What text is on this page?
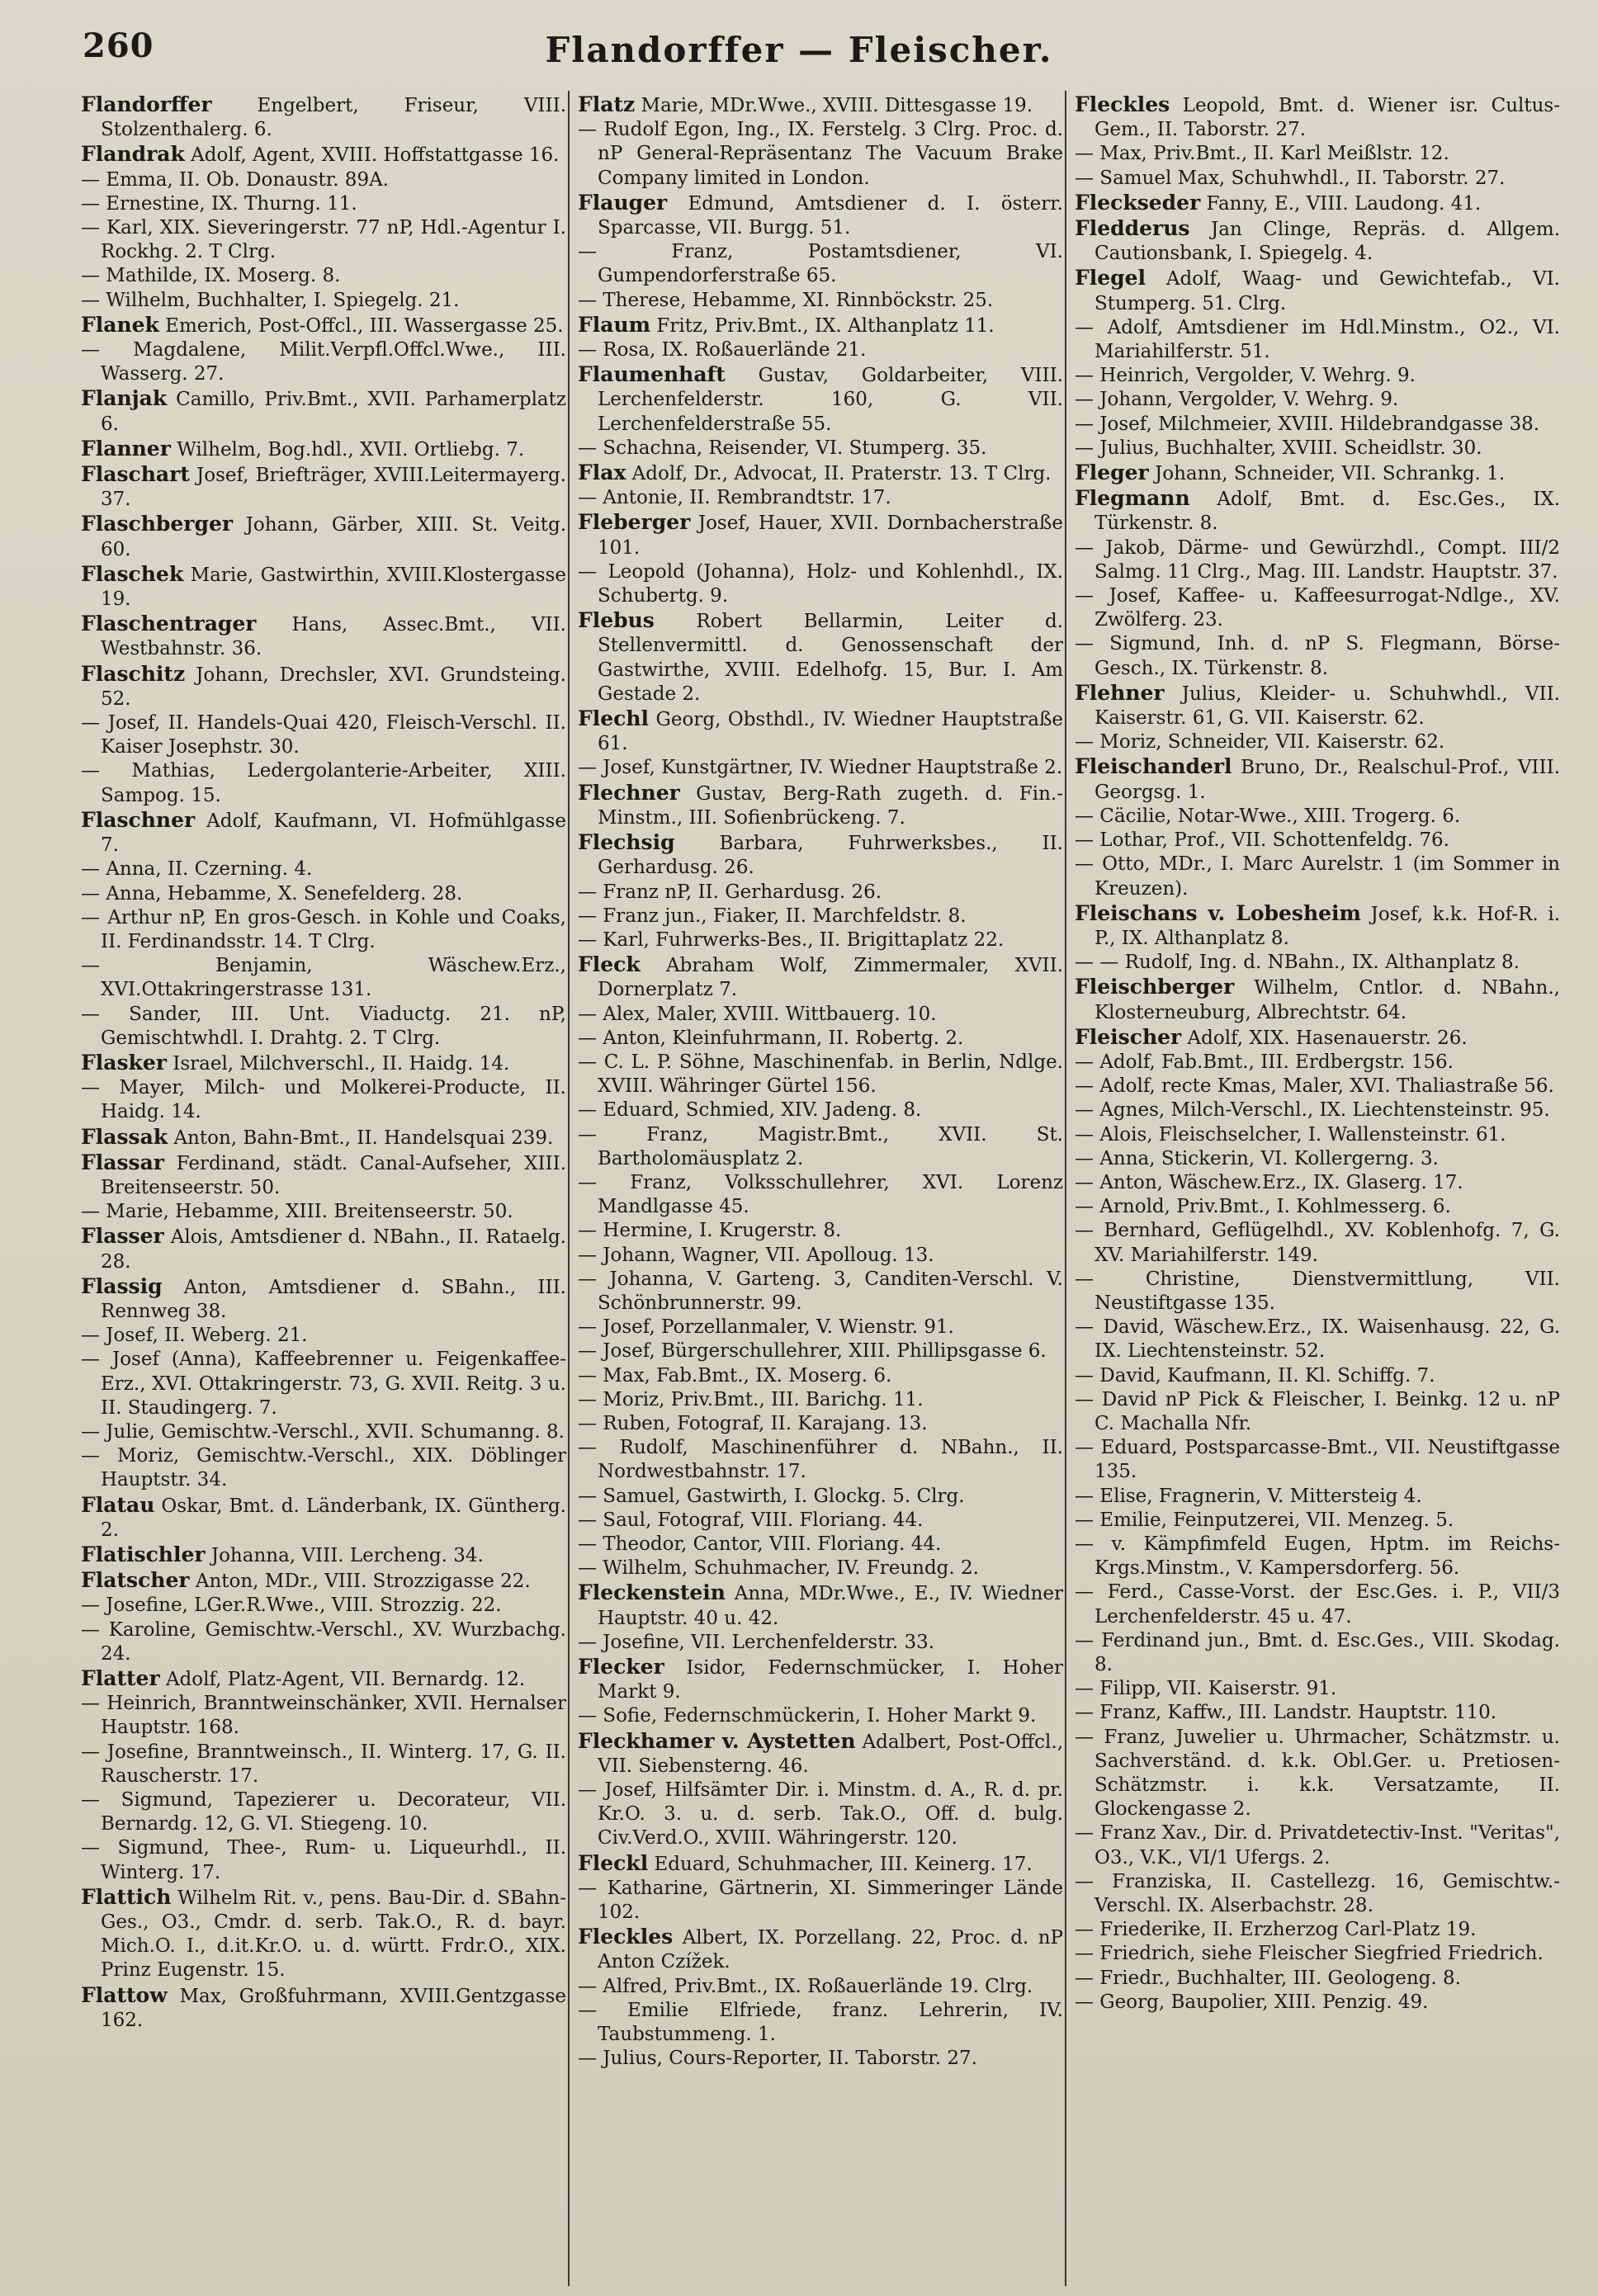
260	Flandorffer — Fleischer.
Flandorffer Engelbert, Friseur, VIII. Stolzenthalerg. 6.
Flandrak Adolf, Agent, XVIII. Hoffstattgasse 16.
— Emma, II. Ob. Donaustr. 89A.
— Ernestine, IX. Thurng. 11.
— Karl, XIX. Sieveringerstr. 77 nP, Hdl.-Agentur I. Rockhg. 2. T Clrg.
— Mathilde, IX. Moserg. 8.
— Wilhelm, Buchhalter, I. Spiegelg. 21.
Flanek Emerich, Post-Offcl., III. Wassergasse 25.
— Magdalene, Milit.Verpfl.Offcl.Wwe., III. Wasserg. 27.
Flanjak Camillo, Priv.Bmt., XVII. Parhamerplatz 6.
Flanner Wilhelm, Bog.hdl., XVII. Ortliebg. 7.
Flaschart Josef, Briefträger, XVIII.Leitermayerg. 37.
Flaschberger Johann, Gärber, XIII. St. Veitg. 60.
Flaschek Marie, Gastwirthin, XVIII.Klostergasse 19.
Flaschentrager Hans, Assec.Bmt., VII. Westbahnstr. 36.
Flaschitz Johann, Drechsler, XVI. Grundsteing. 52.
— Josef, II. Handels-Quai 420, Fleisch-Verschl. II. Kaiser Josephstr. 30.
— Mathias, Ledergolanterie-Arbeiter, XIII. Sampog. 15.
Flaschner Adolf, Kaufmann, VI. Hofmühlgasse 7.
— Anna, II. Czerning. 4.
— Anna, Hebamme, X. Senefelderg. 28.
— Arthur nP, En gros-Gesch. in Kohle und Coaks, II. Ferdinandsstr. 14. T Clrg.
— Benjamin, Wäschew.Erz., XVI.Ottakringerstrasse 131.
— Sander, III. Unt. Viaductg. 21. nP, Gemischtwhdl. I. Drahtg. 2. T Clrg.
Flasker Israel, Milchverschl., II. Haidg. 14.
— Mayer, Milch- und Molkerei-Producte, II. Haidg. 14.
Flassak Anton, Bahn-Bmt., II. Handelsquai 239.
Flassar Ferdinand, städt. Canal-Aufseher, XIII. Breitenseerstr. 50.
— Marie, Hebamme, XIII. Breitenseerstr. 50.
Flasser Alois, Amtsdiener d. NBahn., II. Rataelg. 28.
Flassig Anton, Amtsdiener d. SBahn., III. Rennweg 38.
— Josef, II. Weberg. 21.
— Josef (Anna), Kaffeebrenner u. Feigenkaffee-Erz., XVI. Ottakringerstr. 73, G. XVII. Reitg. 3 u. II. Staudingerg. 7.
— Julie, Gemischtw.-Verschl., XVII. Schumanng. 8.
— Moriz, Gemischtw.-Verschl., XIX. Döblinger Hauptstr. 34.
Flatau Oskar, Bmt. d. Länderbank, IX. Güntherg. 2.
Flatischler Johanna, VIII. Lercheng. 34.
Flatscher Anton, MDr., VIII. Strozzigasse 22.
— Josefine, LGer.R.Wwe., VIII. Strozzig. 22.
— Karoline, Gemischtw.-Verschl., XV. Wurzbachg. 24.
Flatter Adolf, Platz-Agent, VII. Bernardg. 12.
— Heinrich, Branntweinschänker, XVII. Hernalser Hauptstr. 168.
— Josefine, Branntweinsch., II. Winterg. 17, G. II. Rauscherstr. 17.
— Sigmund, Tapezierer u. Decorateur, VII. Bernardg. 12, G. VI. Stiegeng. 10.
— Sigmund, Thee-, Rum- u. Liqueurhdl., II. Winterg. 17.
Flattich Wilhelm Rit. v., pens. Bau-Dir. d. SBahn-Ges., O3., Cmdr. d. serb. Tak.O., R. d. bayr. Mich.O. I., d.it.Kr.O. u. d. württ. Frdr.O., XIX. Prinz Eugenstr. 15.
Flattow Max, Großfuhrmann, XVIII.Gentzgasse 162.
Flatz Marie, MDr.Wwe., XVIII. Dittesgasse 19.
— Rudolf Egon, Ing., IX. Ferstelg. 3 Clrg. Proc. d. nP General-Repräsentanz The Vacuum Brake Company limited in London.
Flauger Edmund, Amtsdiener d. I. österr. Sparcasse, VII. Burgg. 51.
— Franz, Postamtsdiener, VI. Gumpendorferstraße 65.
— Therese, Hebamme, XI. Rinnböckstr. 25.
Flaum Fritz, Priv.Bmt., IX. Althanplatz 11.
— Rosa, IX. Roßauerlände 21.
Flaumenhaft Gustav, Goldarbeiter, VIII. Lerchenfelderstr. 160, G. VII. Lerchenfelderstraße 55.
— Schachna, Reisender, VI. Stumperg. 35.
Flax Adolf, Dr., Advocat, II. Praterstr. 13. T Clrg.
— Antonie, II. Rembrandtstr. 17.
Fleberger Josef, Hauer, XVII. Dornbacherstraße 101.
— Leopold (Johanna), Holz- und Kohlenhdl., IX. Schubertg. 9.
Flebus Robert Bellarmin, Leiter d. Stellenvermittl. d. Genossenschaft der Gastwirthe, XVIII. Edelhofg. 15, Bur. I. Am Gestade 2.
Flechl Georg, Obsthdl., IV. Wiedner Hauptstraße 61.
— Josef, Kunstgärtner, IV. Wiedner Hauptstraße 2.
Flechner Gustav, Berg-Rath zugeth. d. Fin.-Minstm., III. Sofienbrückeng. 7.
Flechsig Barbara, Fuhrwerksbes., II. Gerhardusg. 26.
— Franz nP, II. Gerhardusg. 26.
— Franz jun., Fiaker, II. Marchfeldstr. 8.
— Karl, Fuhrwerks-Bes., II. Brigittaplatz 22.
Fleck Abraham Wolf, Zimmermaler, XVII. Dornerplatz 7.
— Alex, Maler, XVIII. Wittbauerg. 10.
— Anton, Kleinfuhrmann, II. Robertg. 2.
— C. L. P. Söhne, Maschinenfab. in Berlin, Ndlge. XVIII. Währinger Gürtel 156.
— Eduard, Schmied, XIV. Jadeng. 8.
— Franz, Magistr.Bmt., XVII. St. Bartholomäusplatz 2.
— Franz, Volksschullehrer, XVI. Lorenz Mandlgasse 45.
— Hermine, I. Krugerstr. 8.
— Johann, Wagner, VII. Apolloug. 13.
— Johanna, V. Garteng. 3, Canditen-Verschl. V. Schönbrunnerstr. 99.
— Josef, Porzellanmaler, V. Wienstr. 91.
— Josef, Bürgerschullehrer, XIII. Phillipsgasse 6.
— Max, Fab.Bmt., IX. Moserg. 6.
— Moriz, Priv.Bmt., III. Barichg. 11.
— Ruben, Fotograf, II. Karajang. 13.
— Rudolf, Maschinenführer d. NBahn., II. Nordwestbahnstr. 17.
— Samuel, Gastwirth, I. Glockg. 5. Clrg.
— Saul, Fotograf, VIII. Floriang. 44.
— Theodor, Cantor, VIII. Floriang. 44.
— Wilhelm, Schuhmacher, IV. Freundg. 2.
Fleckenstein Anna, MDr.Wwe., E., IV. Wiedner Hauptstr. 40 u. 42.
— Josefine, VII. Lerchenfelderstr. 33.
Flecker Isidor, Federnschmücker, I. Hoher Markt 9.
— Sofie, Federnschmückerin, I. Hoher Markt 9.
Fleckhamer v. Aystetten Adalbert, Post-Offcl., VII. Siebensterng. 46.
— Josef, Hilfsämter Dir. i. Minstm. d. A., R. d. pr. Kr.O. 3. u. d. serb. Tak.O., Off. d. bulg. Civ.Verd.O., XVIII. Währingerstr. 120.
Fleckl Eduard, Schuhmacher, III. Keinerg. 17.
— Katharine, Gärtnerin, XI. Simmeringer Lände 102.
Fleckles Albert, IX. Porzellang. 22, Proc. d. nP Anton Czížek.
— Alfred, Priv.Bmt., IX. Roßauerlände 19. Clrg.
— Emilie Elfriede, franz. Lehrerin, IV. Taubstummeng. 1.
— Julius, Cours-Reporter, II. Taborstr. 27.
Fleckles Leopold, Bmt. d. Wiener isr. Cultus-Gem., II. Taborstr. 27.
— Max, Priv.Bmt., II. Karl Meißlstr. 12.
— Samuel Max, Schuhwhdl., II. Taborstr. 27.
Fleckseder Fanny, E., VIII. Laudong. 41.
Fledderus Jan Clinge, Repräs. d. Allgem. Cautionsbank, I. Spiegelg. 4.
Flegel Adolf, Waag- und Gewichtefab., VI. Stumperg. 51. Clrg.
— Adolf, Amtsdiener im Hdl.Minstm., O2., VI. Mariahilferstr. 51.
— Heinrich, Vergolder, V. Wehrg. 9.
— Johann, Vergolder, V. Wehrg. 9.
— Josef, Milchmeier, XVIII. Hildebrandgasse 38.
— Julius, Buchhalter, XVIII. Scheidlstr. 30.
Fleger Johann, Schneider, VII. Schrankg. 1.
Flegmann Adolf, Bmt. d. Esc.Ges., IX. Türkenstr. 8.
— Jakob, Därme- und Gewürzhdl., Compt. III/2 Salmg. 11 Clrg., Mag. III. Landstr. Hauptstr. 37.
— Josef, Kaffee- u. Kaffeesurrogat-Ndlge., XV. Zwölferg. 23.
— Sigmund, Inh. d. nP S. Flegmann, Börse-Gesch., IX. Türkenstr. 8.
Flehner Julius, Kleider- u. Schuhwhdl., VII. Kaiserstr. 61, G. VII. Kaiserstr. 62.
— Moriz, Schneider, VII. Kaiserstr. 62.
Fleischanderl Bruno, Dr., Realschul-Prof., VIII. Georgsg. 1.
— Cäcilie, Notar-Wwe., XIII. Trogerg. 6.
— Lothar, Prof., VII. Schottenfeldg. 76.
— Otto, MDr., I. Marc Aurelstr. 1 (im Sommer in Kreuzen).
Fleischans v. Lobesheim Josef, k.k. Hof-R. i. P., IX. Althanplatz 8.
— — Rudolf, Ing. d. NBahn., IX. Althanplatz 8.
Fleischberger Wilhelm, Cntlor. d. NBahn., Klosterneuburg, Albrechtstr. 64.
Fleischer Adolf, XIX. Hasenauerstr. 26.
— Adolf, Fab.Bmt., III. Erdbergstr. 156.
— Adolf, recte Kmas, Maler, XVI. Thaliastraße 56.
— Agnes, Milch-Verschl., IX. Liechtensteinstr. 95.
— Alois, Fleischselcher, I. Wallensteinstr. 61.
— Anna, Stickerin, VI. Kollergerng. 3.
— Anton, Wäschew.Erz., IX. Glaserg. 17.
— Arnold, Priv.Bmt., I. Kohlmesserg. 6.
— Bernhard, Geflügelhdl., XV. Koblenhofg. 7, G. XV. Mariahilferstr. 149.
— Christine, Dienstvermittlung, VII. Neustiftgasse 135.
— David, Wäschew.Erz., IX. Waisenhausg. 22, G. IX. Liechtensteinstr. 52.
— David, Kaufmann, II. Kl. Schiffg. 7.
— David nP Pick & Fleischer, I. Beinkg. 12 u. nP C. Machalla Nfr.
— Eduard, Postsparcasse-Bmt., VII. Neustiftgasse 135.
— Elise, Fragnerin, V. Mittersteig 4.
— Emilie, Feinputzerei, VII. Menzeg. 5.
— v. Kämpfimfeld Eugen, Hptm. im Reichs-Krgs.Minstm., V. Kampersdorferg. 56.
— Ferd., Casse-Vorst. der Esc.Ges. i. P., VII/3 Lerchenfelderstr. 45 u. 47.
— Ferdinand jun., Bmt. d. Esc.Ges., VIII. Skodag. 8.
— Filipp, VII. Kaiserstr. 91.
— Franz, Kaffw., III. Landstr. Hauptstr. 110.
— Franz, Juwelier u. Uhrmacher, Schätzmstr. u. Sachverständ. d. k.k. Obl.Ger. u. Pretiosen-Schätzmstr. i. k.k. Versatzamte, II. Glockengasse 2.
— Franz Xav., Dir. d. Privatdetectiv-Inst. "Veritas", O3., V.K., VI/1 Ufergs. 2.
— Franziska, II. Castellezg. 16, Gemischtw.-Verschl. IX. Alserbachstr. 28.
— Friederike, II. Erzherzog Carl-Platz 19.
— Friedrich, siehe Fleischer Siegfried Friedrich.
— Friedr., Buchhalter, III. Geologeng. 8.
— Georg, Baupolier, XIII. Penzig. 49.
